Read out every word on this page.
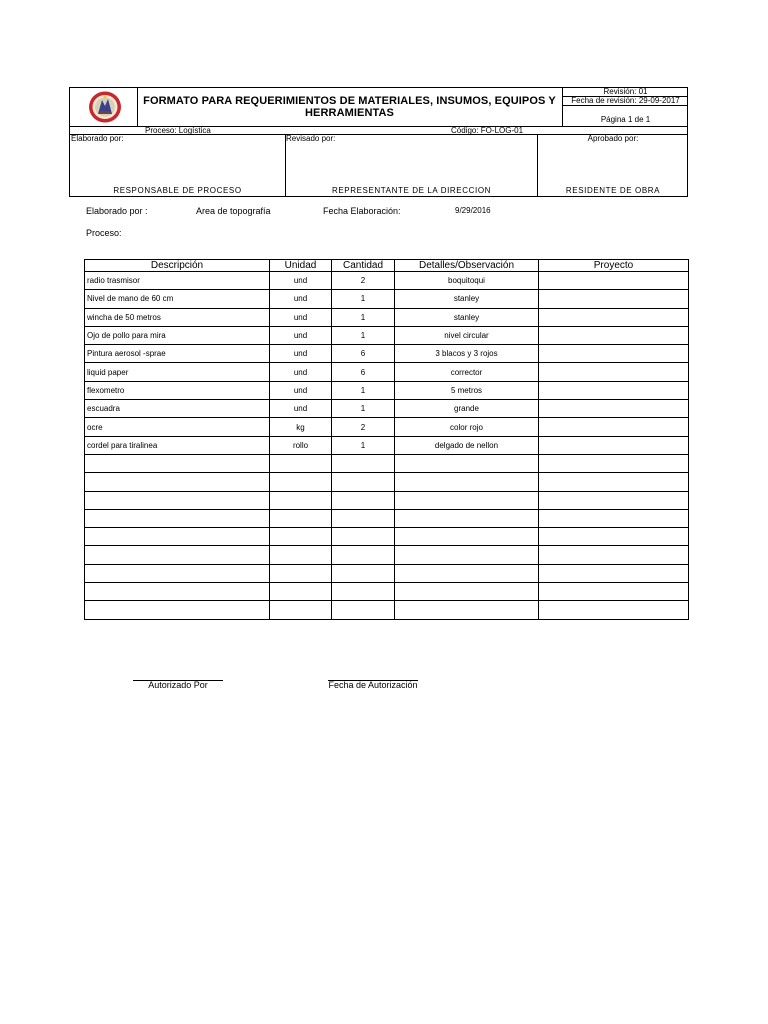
FORMATO PARA REQUERIMIENTOS DE MATERIALES, INSUMOS, EQUIPOS Y HERRAMIENTAS
Revisión: 01
Fecha de revisión: 29-09-2017
Página 1 de 1
Proceso: Logística	Código: FO-LOG-01
Elaborado por:	Revisado por:	Aprobado por:
RESPONSABLE DE PROCESO	REPRESENTANTE DE LA DIRECCION	RESIDENTE DE OBRA
Elaborado por :	Area de topografía	Fecha Elaboración:	9/29/2016
Proceso:
Descripción	Unidad	Cantidad	Detalles/Observación	Proyecto
radio trasmisor	und	2	boquitoqui	
Nivel de mano de 60 cm	und	1	stanley	
wincha de 50 metros	und	1	stanley	
Ojo de pollo para mira	und	1	nivel circular	
Pintura aerosol -sprae	und	6	3 blacos y 3 rojos	
liquid paper	und	6	corrector	
flexometro	und	1	5 metros	
escuadra	und	1	grande	
ocre	kg	2	color rojo	
cordel para tiralinea	rollo	1	delgado de nellon	

Autorizado Por	Fecha de Autorización
